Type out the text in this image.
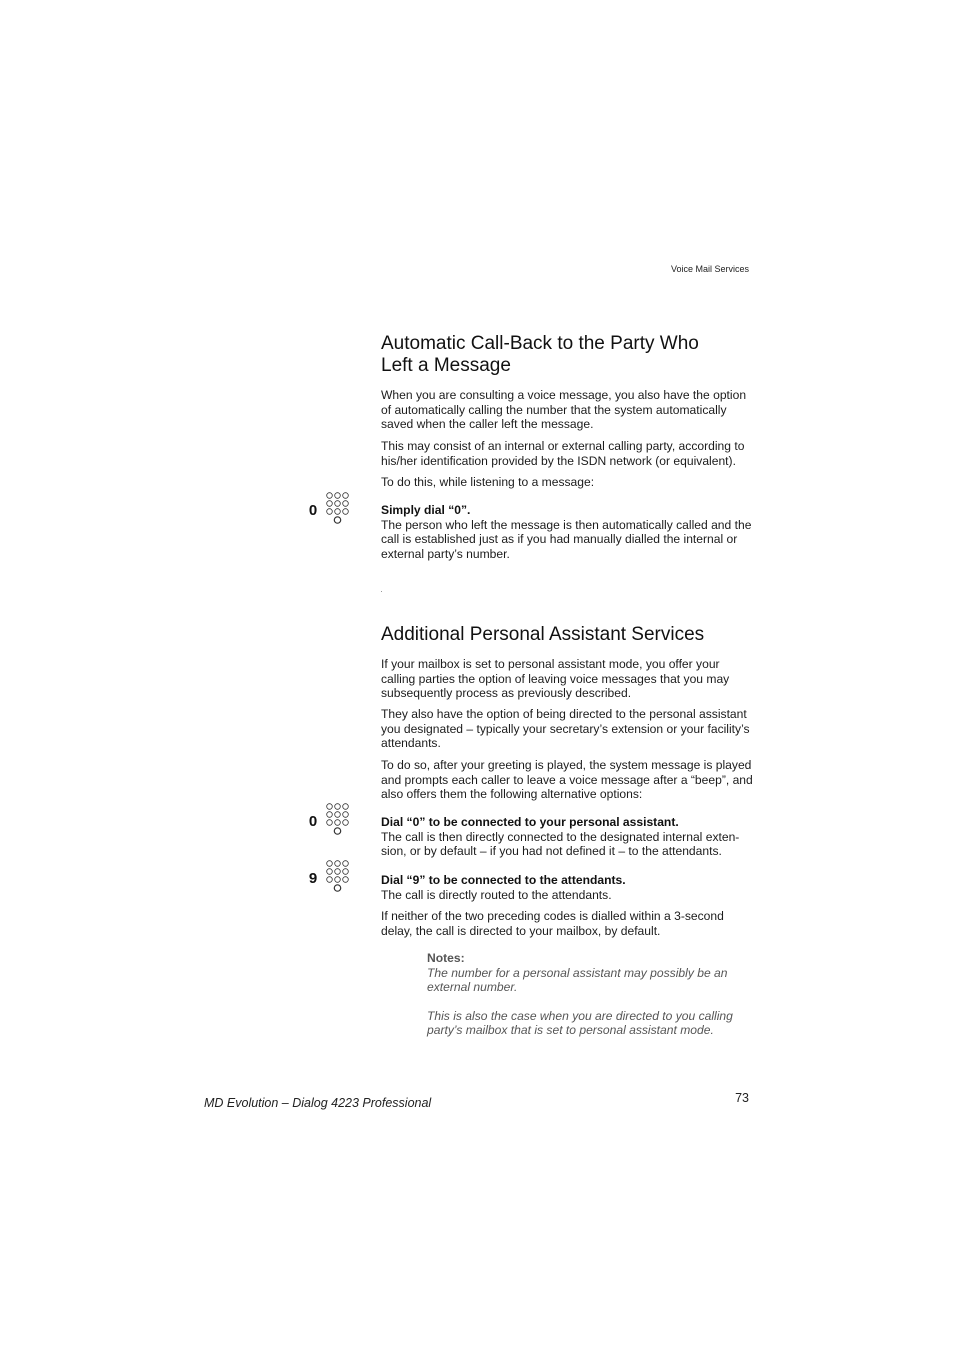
Voice Mail Services
Automatic Call-Back to the Party Who
Left a Message

When you are consulting a voice message, you also have the option of automatically calling the number that the system automatically saved when the caller left the message.

This may consist of an internal or external calling party, according to his/her identification provided by the ISDN network (or equivalent).

To do this, while listening to a message:

0	Simply dial “0”.
The person who left the message is then automatically called and the call is established just as if you had manually dialled the internal or external party’s number.

Additional Personal Assistant Services

If your mailbox is set to personal assistant mode, you offer your calling parties the option of leaving voice messages that you may subsequently process as previously described.

They also have the option of being directed to the personal assistant you designated – typically your secretary’s extension or your facility’s attendants.

To do so, after your greeting is played, the system message is played and prompts each caller to leave a voice message after a “beep”, and also offers them the following alternative options:

0	Dial “0” to be connected to your personal assistant.
The call is then directly connected to the designated internal exten-sion, or by default – if you had not defined it – to the attendants.

9	Dial “9” to be connected to the attendants.
The call is directly routed to the attendants.

If neither of the two preceding codes is dialled within a 3-second delay, the call is directed to your mailbox, by default.

Notes:
The number for a personal assistant may possibly be an external number.
This is also the case when you are directed to you calling party’s mailbox that is set to personal assistant mode.
MD Evolution – Dialog 4223 Professional	73
